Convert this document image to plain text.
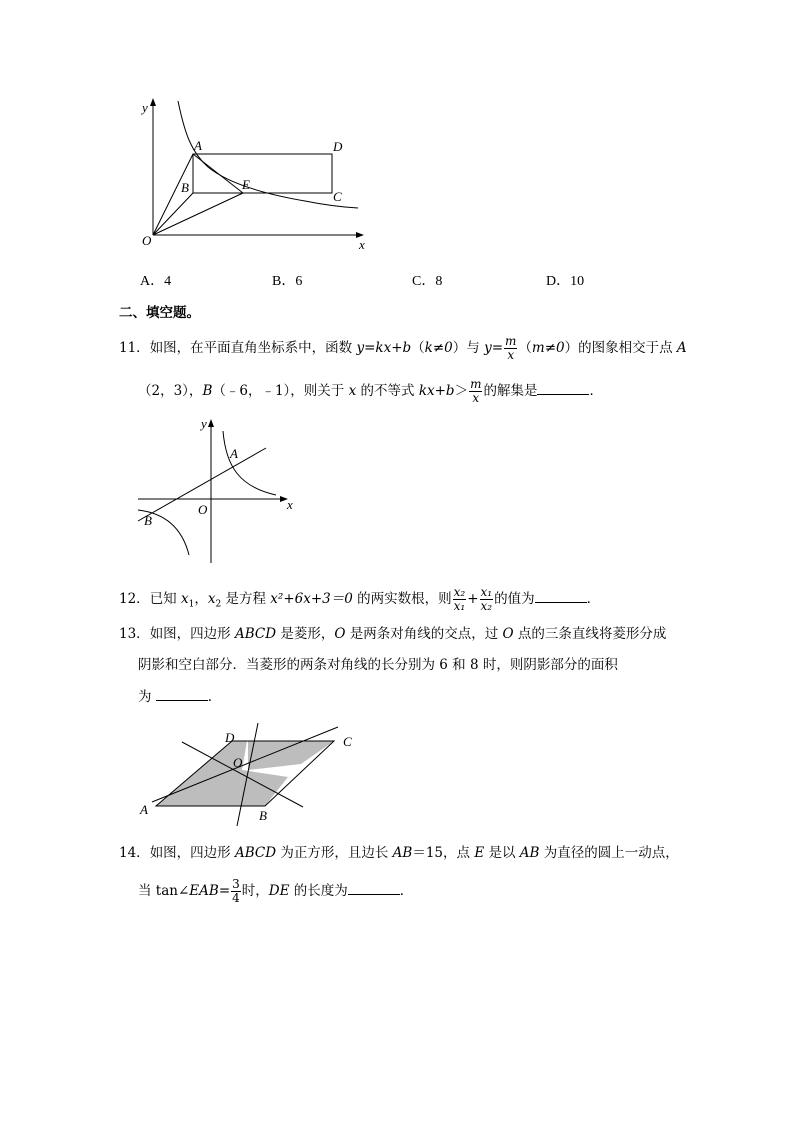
y
x
O
A
B
D
C
E
A．4	B．6	C．8	D．10
二、填空题。
11．如图，在平面直角坐标系中，函数 y=kx+b（k≠0）与 $y= \frac{m}{x} (m\ne 0)$的图象相交于点 A
（2，3），B（﹣6，﹣1），则关于 x 的不等式 $kx+b> \frac{m}{x}$ 的解集是	．
y
x
O
A
B
12．已知 $x_1$，$x_2$ 是方程 x²+6x+3＝0 的两实数根，则 $\frac{\text{x₂}}{\text{x₁}} + \frac{\text{x₁}}{\text{x₂}}$ 的值为	．
13．如图，四边形 ABCD 是菱形，O 是两条对角线的交点，过 O 点的三条直线将菱形分成
阴影和空白部分．当菱形的两条对角线的长分别为 6 和 8 时，则阴影部分的面积
为	．
A	B
C
D
O
14．如图，四边形 ABCD 为正方形，且边长 AB＝15，点 E 是以 AB 为直径的圆上一动点，
当 tan∠EAB= $\frac{3}{4}$ 时，DE 的长度为	．
